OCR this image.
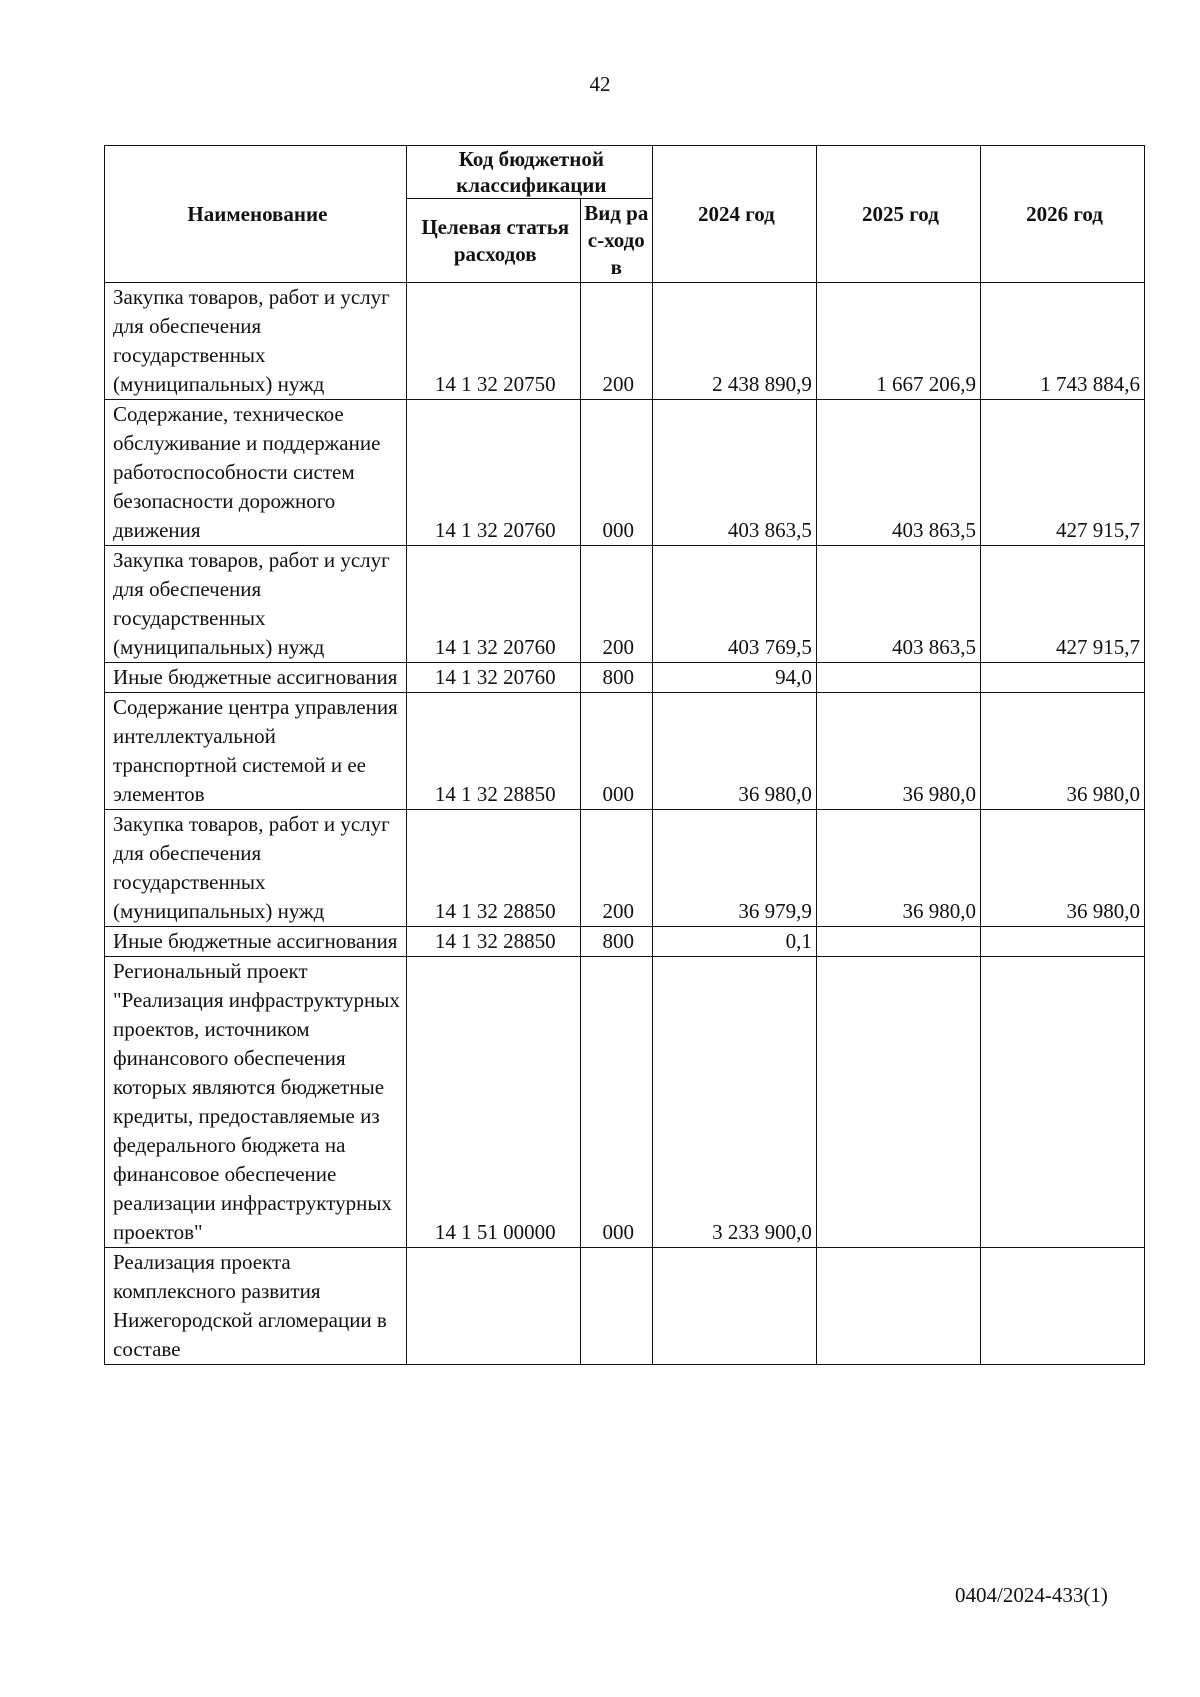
42
Наименование	Код бюджетной классификации		2024 год	2025 год	2026 год
	Целевая статья расходов	Вид рас-ходов			
Закупка товаров, работ и услуг для обеспечения государственных (муниципальных) нужд	14 1 32 20750	200	2 438 890,9	1 667 206,9	1 743 884,6
Содержание, техническое обслуживание и поддержание работоспособности систем безопасности дорожного движения	14 1 32 20760	000	403 863,5	403 863,5	427 915,7
Закупка товаров, работ и услуг для обеспечения государственных (муниципальных) нужд	14 1 32 20760	200	403 769,5	403 863,5	427 915,7
Иные бюджетные ассигнования	14 1 32 20760	800	94,0		
Содержание центра управления интеллектуальной транспортной системой и ее элементов	14 1 32 28850	000	36 980,0	36 980,0	36 980,0
Закупка товаров, работ и услуг для обеспечения государственных (муниципальных) нужд	14 1 32 28850	200	36 979,9	36 980,0	36 980,0
Иные бюджетные ассигнования	14 1 32 28850	800	0,1		
Региональный проект "Реализация инфраструктурных проектов, источником финансового обеспечения которых являются бюджетные кредиты, предоставляемые из федерального бюджета на финансовое обеспечение реализации инфраструктурных проектов"	14 1 51 00000	000	3 233 900,0		
Реализация проекта комплексного развития Нижегородской агломерации в составе					
0404/2024-433(1)
